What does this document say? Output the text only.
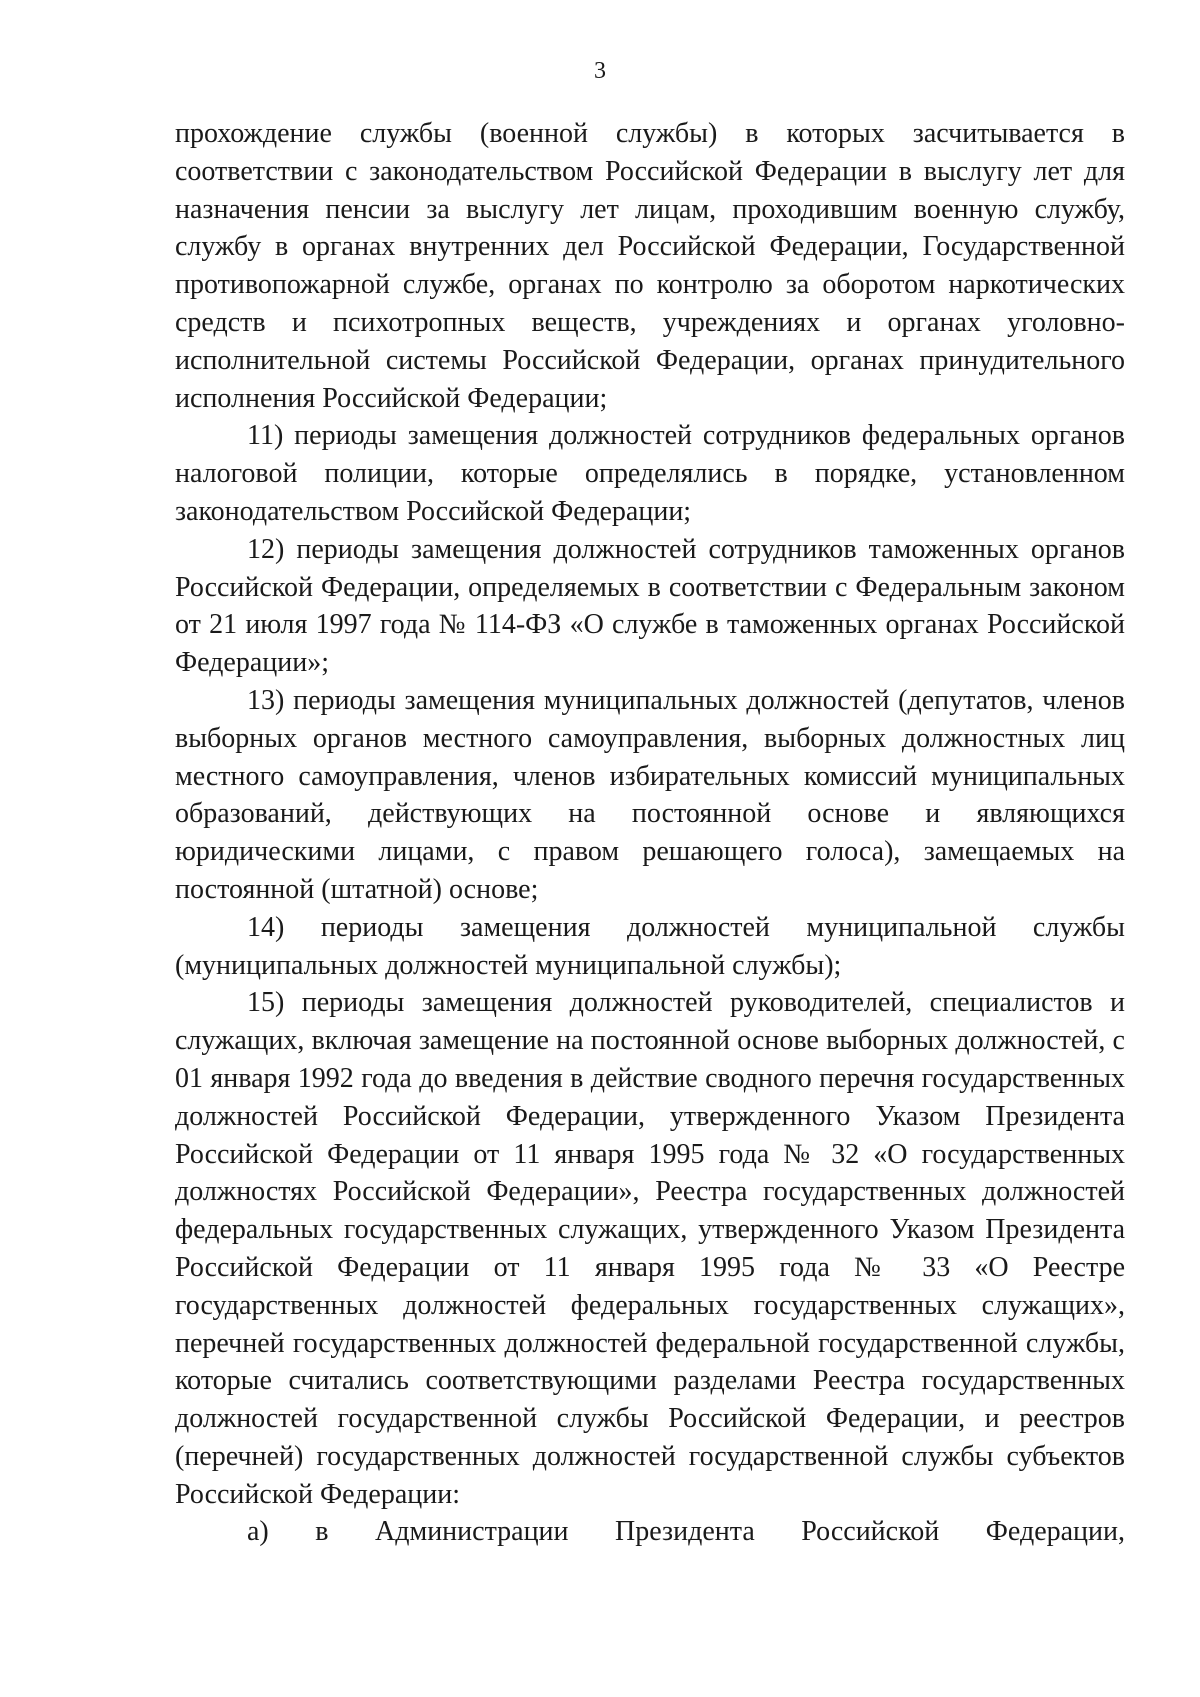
3

прохождение службы (военной службы) в которых засчитывается в соответствии с законодательством Российской Федерации в выслугу лет для назначения пенсии за выслугу лет лицам, проходившим военную службу, службу в органах внутренних дел Российской Федерации, Государственной противопожарной службе, органах по контролю за оборотом наркотических средств и психотропных веществ, учреждениях и органах уголовно-исполнительной системы Российской Федерации, органах принудительного исполнения Российской Федерации;

11) периоды замещения должностей сотрудников федеральных органов налоговой полиции, которые определялись в порядке, установленном законодательством Российской Федерации;

12) периоды замещения должностей сотрудников таможенных органов Российской Федерации, определяемых в соответствии с Федеральным законом от 21 июля 1997 года № 114-ФЗ «О службе в таможенных органах Российской Федерации»;

13) периоды замещения муниципальных должностей (депутатов, членов выборных органов местного самоуправления, выборных должностных лиц местного самоуправления, членов избирательных комиссий муниципальных образований, действующих на постоянной основе и являющихся юридическими лицами, с правом решающего голоса), замещаемых на постоянной (штатной) основе;

14) периоды замещения должностей муниципальной службы (муниципальных должностей муниципальной службы);

15) периоды замещения должностей руководителей, специалистов и служащих, включая замещение на постоянной основе выборных должностей, с 01 января 1992 года до введения в действие сводного перечня государственных должностей Российской Федерации, утвержденного Указом Президента Российской Федерации от 11 января 1995 года № 32 «О государственных должностях Российской Федерации», Реестра государственных должностей федеральных государственных служащих, утвержденного Указом Президента Российской Федерации от 11 января 1995 года № 33 «О Реестре государственных должностей федеральных государственных служащих», перечней государственных должностей федеральной государственной службы, которые считались соответствующими разделами Реестра государственных должностей государственной службы Российской Федерации, и реестров (перечней) государственных должностей государственной службы субъектов Российской Федерации:

а) в Администрации Президента Российской Федерации,
